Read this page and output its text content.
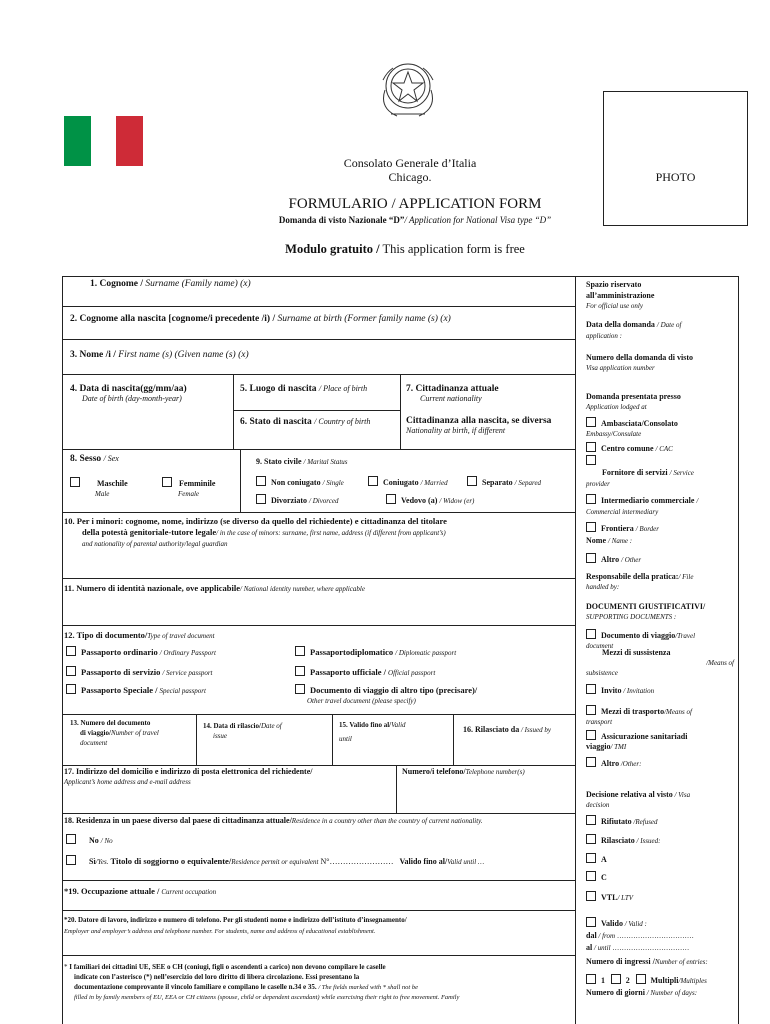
Consolato Generale d’Italia
Chicago.	PHOTO
FORMULARIO / APPLICATION FORM
Domanda di visto Nazionale “D”/ Application for National Visa type “D”
Modulo gratuito / This application form is free
1. Cognome / Surname (Family name) (x)
2. Cognome alla nascita [cognome/i precedente /i) / Surname at birth (Former family name (s) (x)
3. Nome /i / First name (s) (Given name (s) (x)
4. Data di nascita(gg/mm/aa)
Date of birth (day-month-year)
5. Luogo di nascita / Place of birth
6. Stato di nascita / Country of birth
7. Cittadinanza attuale
Current nationality
Cittadinanza alla nascita, se diversa
Nationality at birth, if different
8. Sesso / Sex
Maschile
Male
Femminile
Female
9. Stato civile / Marital Status
Non coniugato / Single	Coniugato / Married	Separato / Separed
Divorziato / Divorced	Vedovo (a) / Widow (er)
10. Per i minori: cognome, nome, indirizzo (se diverso da quello del richiedente) e cittadinanza del titolare
della potestà genitoriale-tutore legale/ in the case of minors: surname, first name, address (if different from applicant’s)
and nationality of parental authority/legal guardian
11. Numero di identità nazionale, ove applicabile/ National identity number, where applicable
12. Tipo di documento/Type of travel document
Passaporto ordinario / Ordinary Passport	Passaportodiplomatico / Diplomatic passport
Passaporto di servizio / Service passport	Passaporto ufficiale / Official passport
Passaporto Speciale / Special passport	Documento di viaggio di altro tipo (precisare)/
Other travel document (please specify)
13. Numero del documento
di viaggio/Number of travel
document
14. Data di rilascio/Date of
issue
15. Valido fino al/Valid
until
16. Rilasciato da / Issued by
17. Indirizzo del domicilio e indirizzo di posta elettronica del richiedente/
Applicant’s home address and e-mail address
Numero/i telefono/Telephone number(s)
18. Residenza in un paese diverso dal paese di cittadinanza attuale/Residence in a country other than the country of current nationality.
No / No
Sì/Yes. Titolo di soggiorno o equivalente/Residence permit or equivalent N°…………………… Valido fino al/Valid until …
*19. Occupazione attuale / Current occupation
*20. Datore di lavoro, indirizzo e numero di telefono. Per gli studenti nome e indirizzo dell’istituto d’insegnamento/
Employer and employer’s address and telephone number. For students, name and address of educational establishment.
* I familiari dei cittadini UE, SEE o CH (coniugi, figli o ascendenti a carico) non devono compilare le caselle
indicate con l’asterisco (*) nell’esercizio del loro diritto di libera circolazione. Essi presentano la
documentazione comprovante il vincolo familiare e compilano le caselle n.34 e 35. / The fields marked with * shall not be
filled in by family members of EU, EEA or CH citizens (spouse, child or dependent ascendant) while exercising their right to free movement. Family
Spazio riservato
all’amministrazione
For official use only
Data della domanda / Date of
application :
Numero della domanda di visto
Visa application number
Domanda presentata presso
Application lodged at
Ambasciata/Consolato
Embassy/Consulate
Centro comune / CAC
Fornitore di servizi / Service
provider
Intermediario commerciale /
Commercial intermediary
Frontiera / Border
Nome / Name :
Altro / Other
Responsabile della pratica:/ File
handled by:
DOCUMENTI GIUSTIFICATIVI/
SUPPORTING DOCUMENTS :
Documento di viaggio/Travel
document
Mezzi di sussistenza
/Means of
subsistence
Invito / Invitation
Mezzi di trasporto/Means of
transport
Assicurazione sanitariadi
viaggio/ TMI
Altro /Other:
Decisione relativa al visto / Visa
decision
Rifiutato /Refused
Rilasciato / Issued:
A
C
VTL/ LTV
Valido / Valid :
dal / from ……………………………
al / until ……………………………
Numero di ingressi /Number of entries:
1	2	Multipli/Multiples
Numero di giorni / Number of days:
